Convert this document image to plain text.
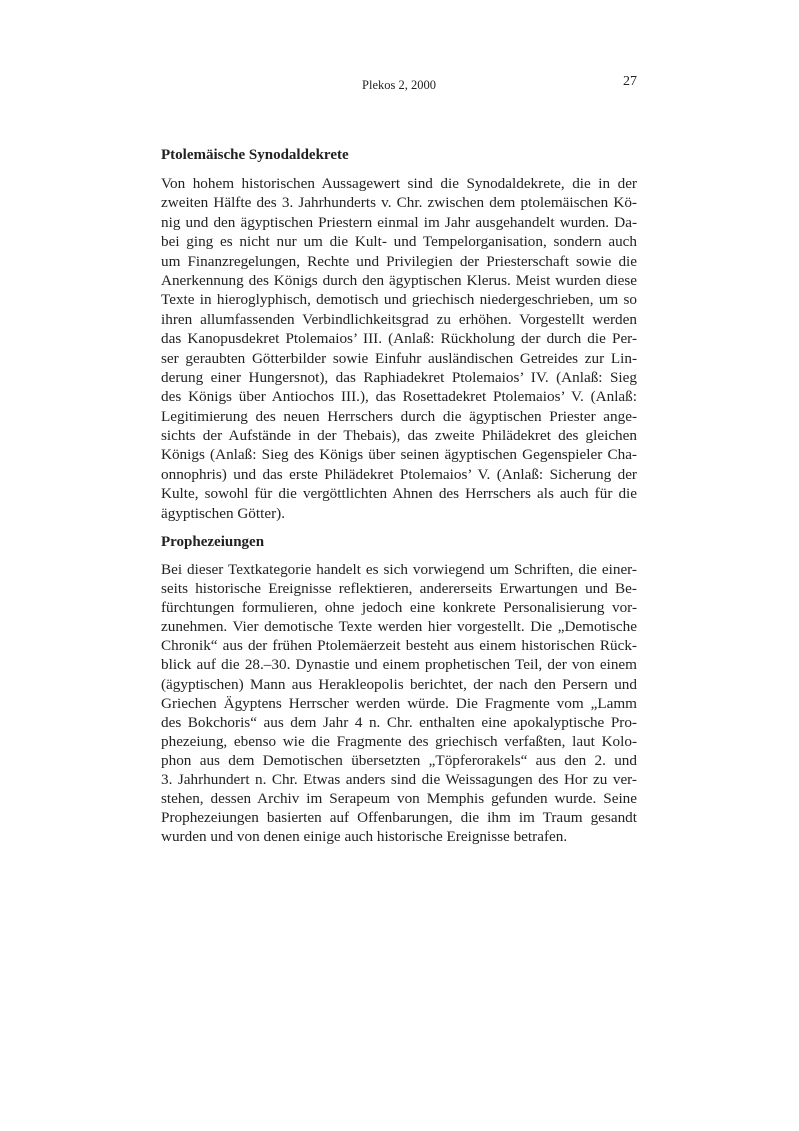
Plekos 2, 2000	27
Ptolemäische Synodaldekrete
Von hohem historischen Aussagewert sind die Synodaldekrete, die in der
zweiten Hälfte des 3. Jahrhunderts v. Chr. zwischen dem ptolemäischen Kö-
nig und den ägyptischen Priestern einmal im Jahr ausgehandelt wurden. Da-
bei ging es nicht nur um die Kult- und Tempelorganisation, sondern auch
um Finanzregelungen, Rechte und Privilegien der Priesterschaft sowie die
Anerkennung des Königs durch den ägyptischen Klerus. Meist wurden diese
Texte in hieroglyphisch, demotisch und griechisch niedergeschrieben, um so
ihren allumfassenden Verbindlichkeitsgrad zu erhöhen. Vorgestellt werden
das Kanopusdekret Ptolemaios’ III. (Anlaß: Rückholung der durch die Per-
ser geraubten Götterbilder sowie Einfuhr ausländischen Getreides zur Lin-
derung einer Hungersnot), das Raphiadekret Ptolemaios’ IV. (Anlaß: Sieg
des Königs über Antiochos III.), das Rosettadekret Ptolemaios’ V. (Anlaß:
Legitimierung des neuen Herrschers durch die ägyptischen Priester ange-
sichts der Aufstände in der Thebais), das zweite Philädekret des gleichen
Königs (Anlaß: Sieg des Königs über seinen ägyptischen Gegenspieler Cha-
onnophris) und das erste Philädekret Ptolemaios’ V. (Anlaß: Sicherung der
Kulte, sowohl für die vergöttlichten Ahnen des Herrschers als auch für die
ägyptischen Götter).
Prophezeiungen
Bei dieser Textkategorie handelt es sich vorwiegend um Schriften, die einer-
seits historische Ereignisse reflektieren, andererseits Erwartungen und Be-
fürchtungen formulieren, ohne jedoch eine konkrete Personalisierung vor-
zunehmen. Vier demotische Texte werden hier vorgestellt. Die „Demotische
Chronik“ aus der frühen Ptolemäerzeit besteht aus einem historischen Rück-
blick auf die 28.–30. Dynastie und einem prophetischen Teil, der von einem
(ägyptischen) Mann aus Herakleopolis berichtet, der nach den Persern und
Griechen Ägyptens Herrscher werden würde. Die Fragmente vom „Lamm
des Bokchoris“ aus dem Jahr 4 n. Chr. enthalten eine apokalyptische Pro-
phezeiung, ebenso wie die Fragmente des griechisch verfaßten, laut Kolo-
phon aus dem Demotischen übersetzten „Töpferorakels“ aus den 2. und
3. Jahrhundert n. Chr. Etwas anders sind die Weissagungen des Hor zu ver-
stehen, dessen Archiv im Serapeum von Memphis gefunden wurde. Seine
Prophezeiungen basierten auf Offenbarungen, die ihm im Traum gesandt
wurden und von denen einige auch historische Ereignisse betrafen.
